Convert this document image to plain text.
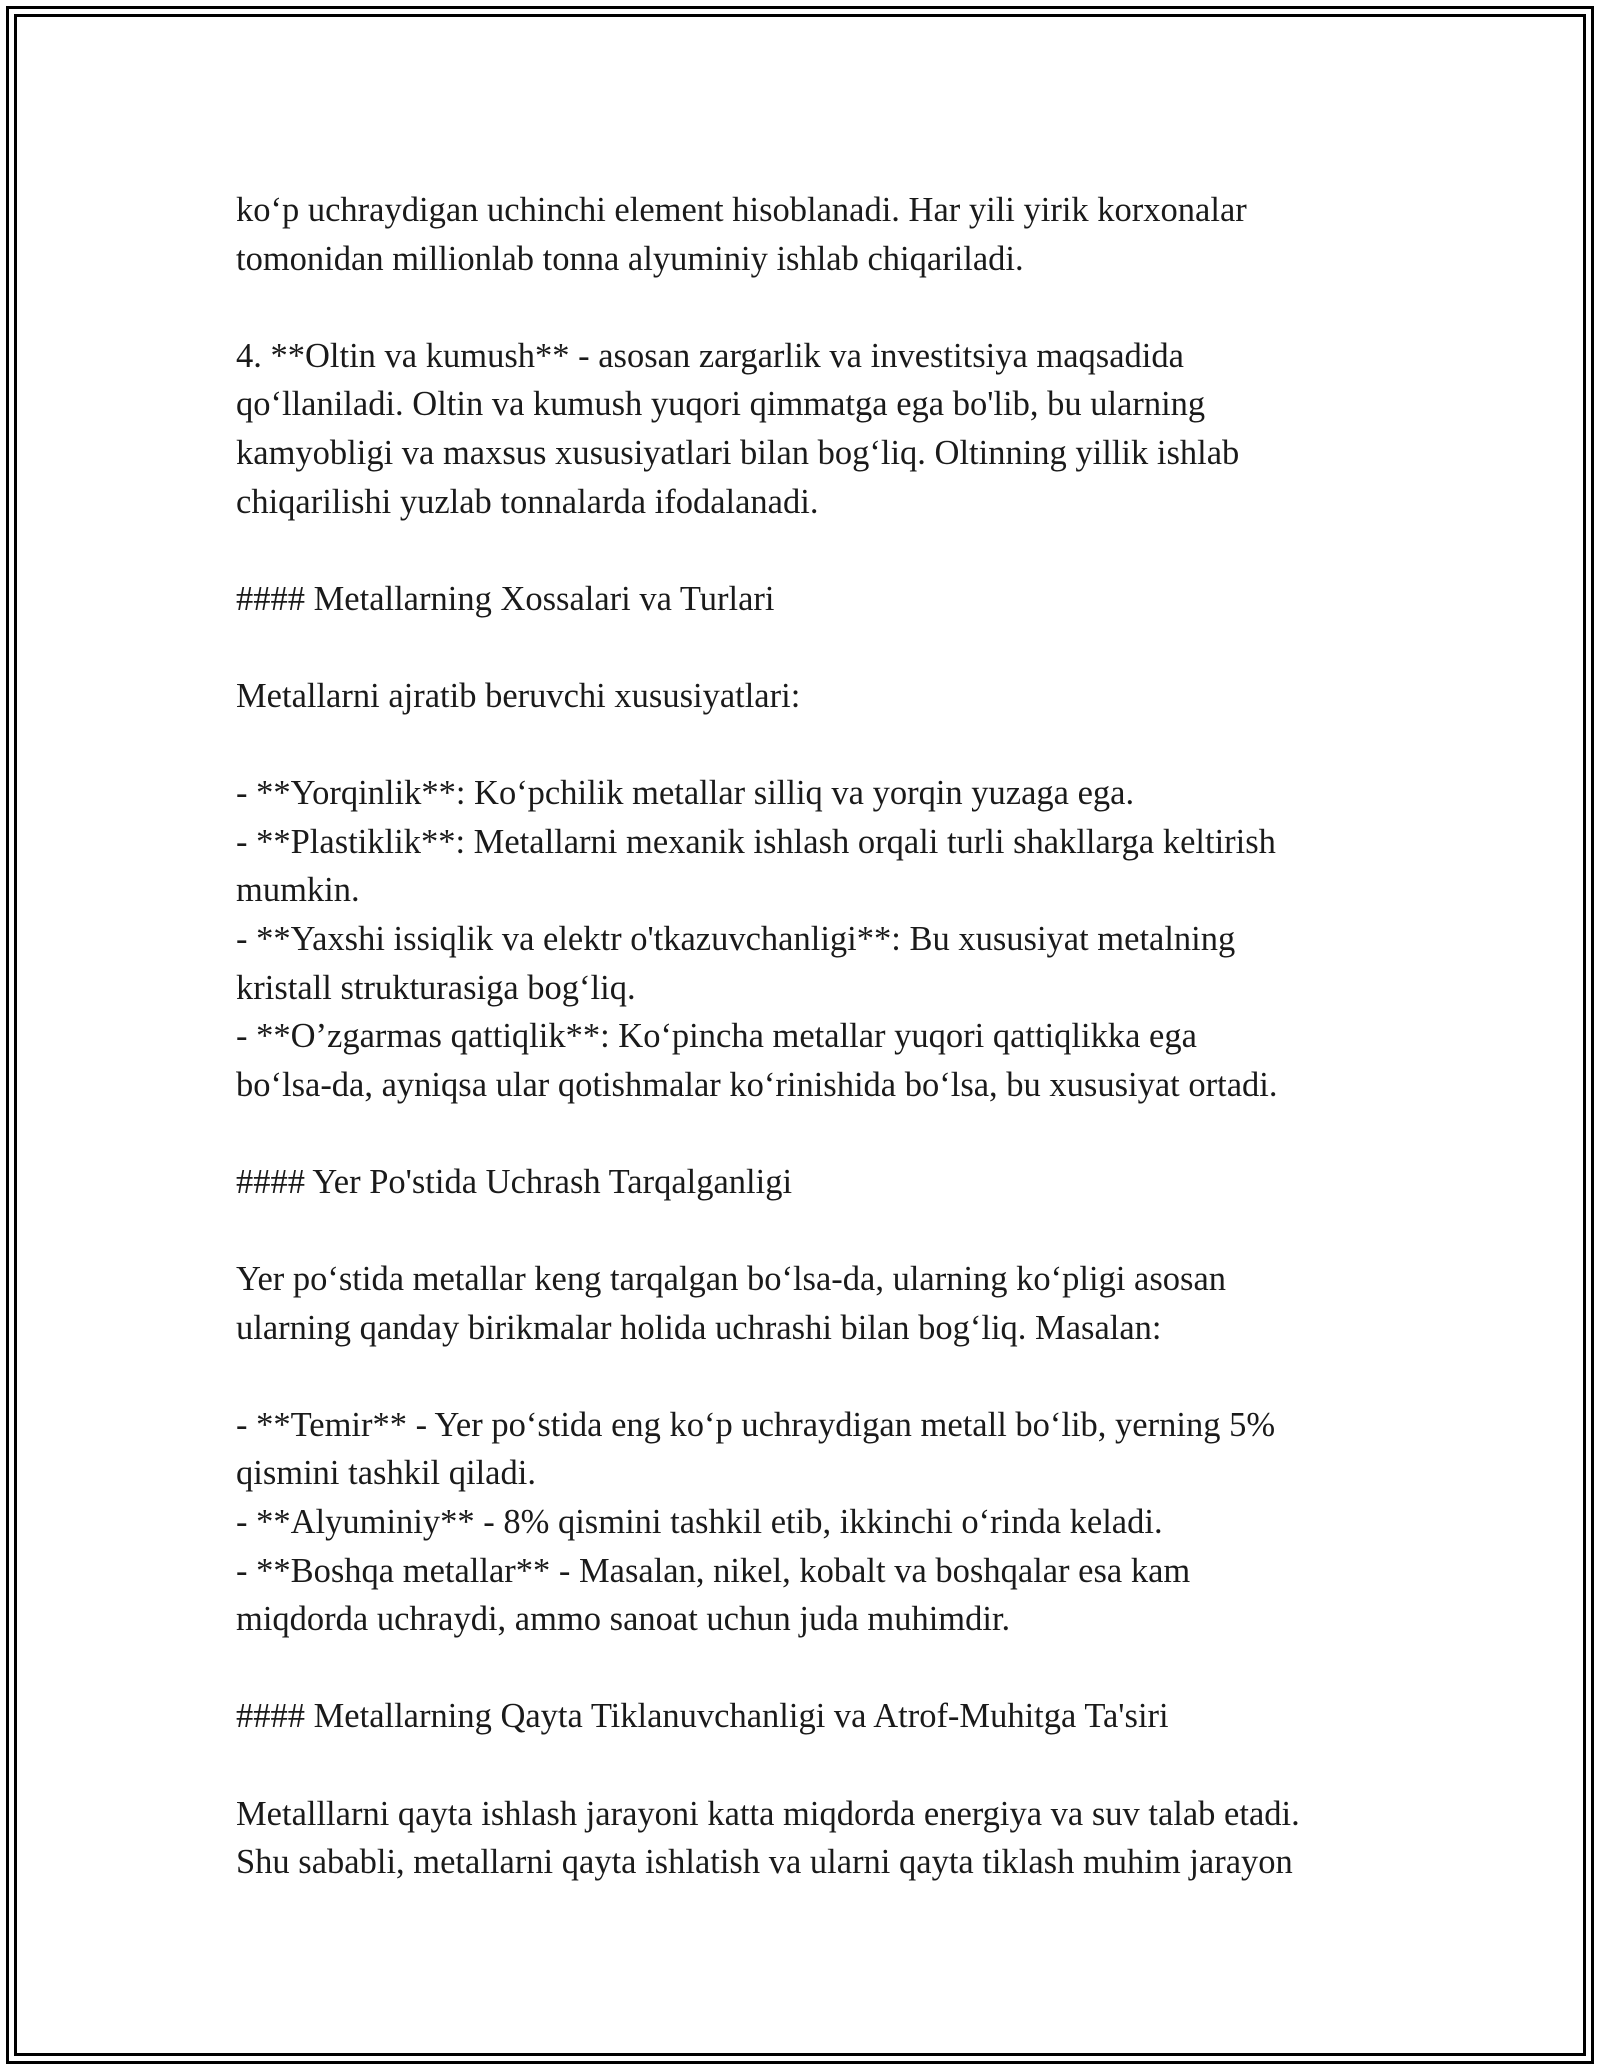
ko‘p uchraydigan uchinchi element hisoblanadi. Har yili yirik korxonalar
tomonidan millionlab tonna alyuminiy ishlab chiqariladi.

4. **Oltin va kumush** - asosan zargarlik va investitsiya maqsadida
qo‘llaniladi. Oltin va kumush yuqori qimmatga ega bo'lib, bu ularning
kamyobligi va maxsus xususiyatlari bilan bog‘liq. Oltinning yillik ishlab
chiqarilishi yuzlab tonnalarda ifodalanadi.

#### Metallarning Xossalari va Turlari

Metallarni ajratib beruvchi xususiyatlari:

- **Yorqinlik**: Ko‘pchilik metallar silliq va yorqin yuzaga ega.
- **Plastiklik**: Metallarni mexanik ishlash orqali turli shakllarga keltirish
mumkin.
- **Yaxshi issiqlik va elektr o'tkazuvchanligi**: Bu xususiyat metalning
kristall strukturasiga bog‘liq.
- **O’zgarmas qattiqlik**: Ko‘pincha metallar yuqori qattiqlikka ega
bo‘lsa-da, ayniqsa ular qotishmalar ko‘rinishida bo‘lsa, bu xususiyat ortadi.

#### Yer Po'stida Uchrash Tarqalganligi

Yer po‘stida metallar keng tarqalgan bo‘lsa-da, ularning ko‘pligi asosan
ularning qanday birikmalar holida uchrashi bilan bog‘liq. Masalan:

- **Temir** - Yer po‘stida eng ko‘p uchraydigan metall bo‘lib, yerning 5%
qismini tashkil qiladi.
- **Alyuminiy** - 8% qismini tashkil etib, ikkinchi o‘rinda keladi.
- **Boshqa metallar** - Masalan, nikel, kobalt va boshqalar esa kam
miqdorda uchraydi, ammo sanoat uchun juda muhimdir.

#### Metallarning Qayta Tiklanuvchanligi va Atrof-Muhitga Ta'siri

Metalllarni qayta ishlash jarayoni katta miqdorda energiya va suv talab etadi.
Shu sababli, metallarni qayta ishlatish va ularni qayta tiklash muhim jarayon
